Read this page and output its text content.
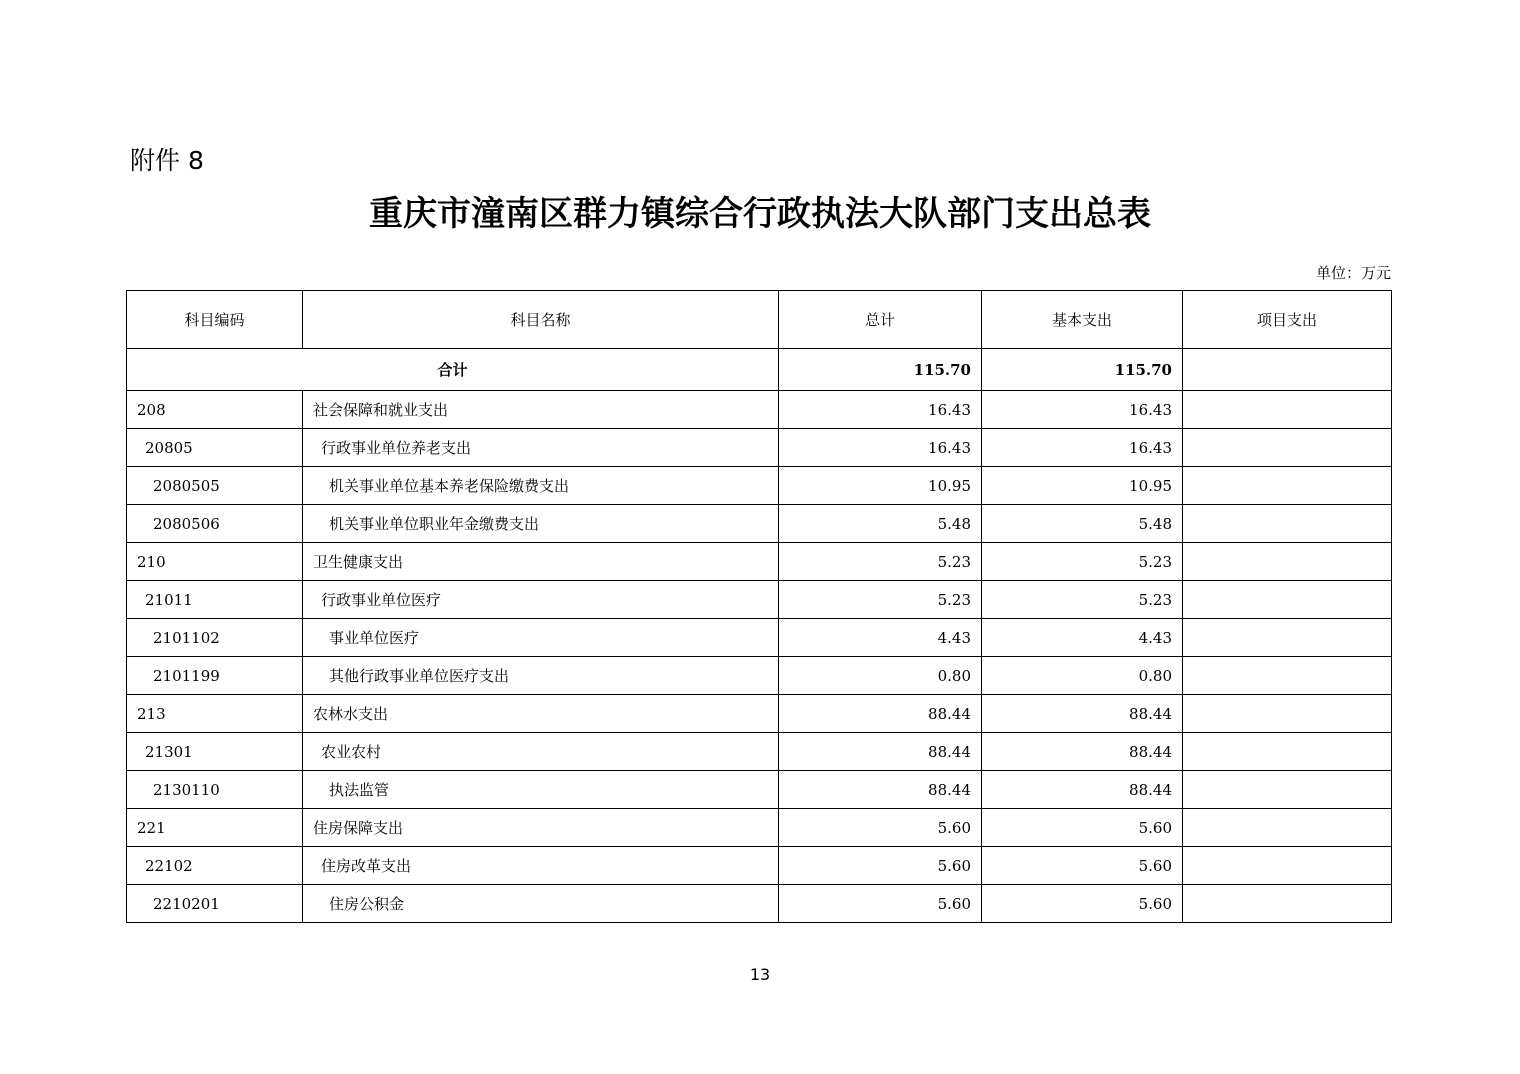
附件 8
重庆市潼南区群力镇综合行政执法大队部门支出总表
单位：万元
科目编码	科目名称	总计	基本支出	项目支出
合计		115.70	115.70	
208	社会保障和就业支出	16.43	16.43	
20805	行政事业单位养老支出	16.43	16.43	
2080505	机关事业单位基本养老保险缴费支出	10.95	10.95	
2080506	机关事业单位职业年金缴费支出	5.48	5.48	
210	卫生健康支出	5.23	5.23	
21011	行政事业单位医疗	5.23	5.23	
2101102	事业单位医疗	4.43	4.43	
2101199	其他行政事业单位医疗支出	0.80	0.80	
213	农林水支出	88.44	88.44	
21301	农业农村	88.44	88.44	
2130110	执法监管	88.44	88.44	
221	住房保障支出	5.60	5.60	
22102	住房改革支出	5.60	5.60	
2210201	住房公积金	5.60	5.60	
13
